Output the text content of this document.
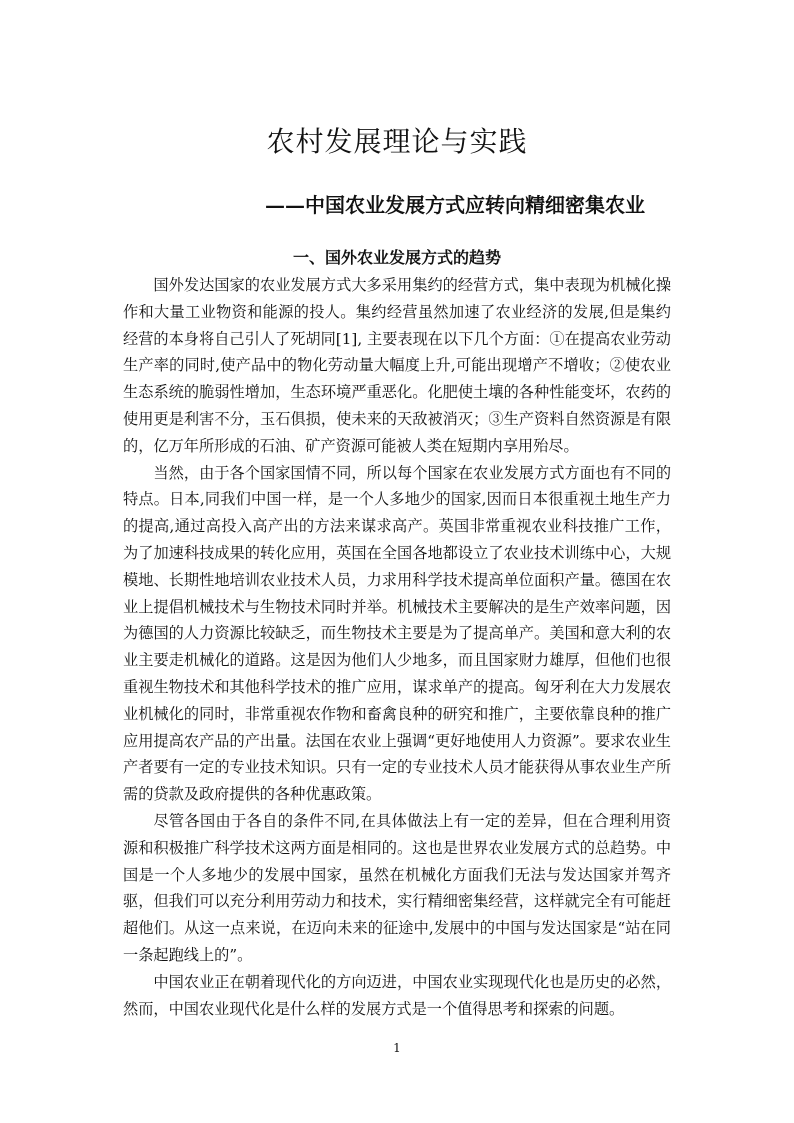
农村发展理论与实践
——中国农业发展方式应转向精细密集农业
一、国外农业发展方式的趋势

国外发达国家的农业发展方式大多采用集约的经营方式，集中表现为机械化操作和大量工业物资和能源的投人。集约经营虽然加速了农业经济的发展,但是集约经营的本身将自己引人了死胡同[1], 主要表现在以下几个方面：①在提高农业劳动生产率的同时,使产品中的物化劳动量大幅度上升,可能出现增产不增收；②使农业生态系统的脆弱性增加，生态环境严重恶化。化肥使土壤的各种性能变坏，农药的使用更是利害不分，玉石俱损，使未来的天敌被消灭；③生产资料自然资源是有限的，亿万年所形成的石油、矿产资源可能被人类在短期内享用殆尽。

当然，由于各个国家国情不同，所以每个国家在农业发展方式方面也有不同的特点。日本,同我们中国一样，是一个人多地少的国家,因而日本很重视土地生产力的提高,通过高投入高产出的方法来谋求高产。英国非常重视农业科技推广工作，为了加速科技成果的转化应用，英国在全国各地都设立了农业技术训练中心，大规模地、长期性地培训农业技术人员，力求用科学技术提高单位面积产量。德国在农业上提倡机械技术与生物技术同时并举。机械技术主要解决的是生产效率问题，因为德国的人力资源比较缺乏，而生物技术主要是为了提高单产。美国和意大利的农业主要走机械化的道路。这是因为他们人少地多，而且国家财力雄厚，但他们也很重视生物技术和其他科学技术的推广应用，谋求单产的提高。匈牙利在大力发展农业机械化的同时，非常重视农作物和畜禽良种的研究和推广，主要依靠良种的推广应用提高农产品的产出量。法国在农业上强调“更好地使用人力资源”。要求农业生产者要有一定的专业技术知识。只有一定的专业技术人员才能获得从事农业生产所需的贷款及政府提供的各种优惠政策。

尽管各国由于各自的条件不同,在具体做法上有一定的差异，但在合理利用资源和积极推广科学技术这两方面是相同的。这也是世界农业发展方式的总趋势。中国是一个人多地少的发展中国家，虽然在机械化方面我们无法与发达国家并驾齐驱，但我们可以充分利用劳动力和技术，实行精细密集经营，这样就完全有可能赶超他们。从这一点来说，在迈向未来的征途中,发展中的中国与发达国家是“站在同一条起跑线上的”。

中国农业正在朝着现代化的方向迈进，中国农业实现现代化也是历史的必然，然而，中国农业现代化是什么样的发展方式是一个值得思考和探索的问题。

1
